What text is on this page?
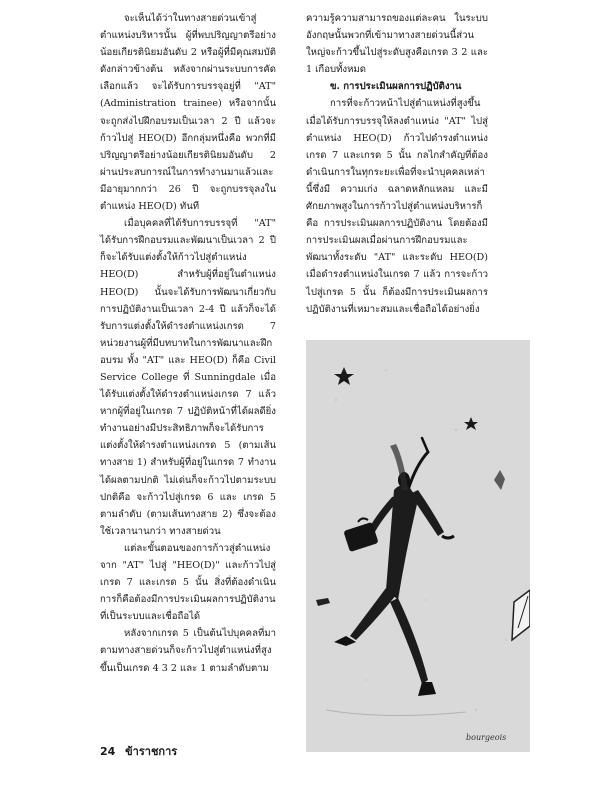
จะเห็นได้ว่าในทางสายด่วนเข้าสู่ตำแหน่งบริหารนั้น ผู้ที่พบปริญญาตรีอย่างน้อยเกียรตินิยมอันดับ 2 หรือผู้ที่มีคุณสมบัติดังกล่าวข้างต้น หลังจากผ่านระบบการคัดเลือกแล้ว จะได้รับการบรรจุอยู่ที่ "AT" (Administration trainee) หรือจากนั้นจะถูกส่งไปฝึกอบรมเป็นเวลา 2 ปี แล้วจะก้าวไปสู่ HEO(D) อีกกลุ่มหนึ่งคือ พวกที่มีปริญญาตรีอย่างน้อยเกียรตินิยมอันดับ 2 ผ่านประสบการณ์ในการทำงานมาแล้วและมีอายุมากกว่า 26 ปี จะถูกบรรจุลงในตำแหน่ง HEO(D) ทันที

เมื่อบุคคลที่ได้รับการบรรจุที่ "AT" ได้รับการฝึกอบรมและพัฒนาเป็นเวลา 2 ปี ก็จะได้รับแต่งตั้งให้ก้าวไปสู่ตำแหน่ง HEO(D) สำหรับผู้ที่อยู่ในตำแหน่ง HEO(D) นั้นจะได้รับการพัฒนาเกี่ยวกับการปฏิบัติงานเป็นเวลา 2-4 ปี แล้วก็จะได้รับการแต่งตั้งให้ดำรงตำแหน่งเกรด 7 หน่วยงานผู้ที่มีบทบาทในการพัฒนาและฝึกอบรม ทั้ง "AT" และ HEO(D) ก็คือ Civil Service College ที่ Sunningdale เมื่อได้รับแต่งตั้งให้ดำรงตำแหน่งเกรด 7 แล้ว หากผู้ที่อยู่ในเกรด 7 ปฏิบัติหน้าที่ได้ผลดียิ่ง ทำงานอย่างมีประสิทธิภาพก็จะได้รับการแต่งตั้งให้ดำรงตำแหน่งเกรด 5 (ตามเส้นทางสาย 1) สำหรับผู้ที่อยู่ในเกรด 7 ทำงานได้ผลตามปกติ ไม่เด่นก็จะก้าวไปตามระบบปกติคือ จะก้าวไปสู่เกรด 6 และ เกรด 5 ตามลำดับ (ตามเส้นทางสาย 2) ซึ่งจะต้องใช้เวลานานกว่า ทางสายด่วน

แต่ละขั้นตอนของการก้าวสู่ตำแหน่งจาก "AT" ไปสู่ "HEO(D)" และก้าวไปสู่เกรด 7 และเกรด 5 นั้น สิ่งที่ต้องดำเนินการก็คือต้องมีการประเมินผลการปฏิบัติงานที่เป็นระบบและเชื่อถือได้

หลังจากเกรด 5 เป็นต้นไปบุคคลที่มาตามทางสายด่วนก็จะก้าวไปสู่ตำแหน่งที่สูงขึ้นเป็นเกรด 4 3 2 และ 1 ตามลำดับตาม

ความรู้ความสามารถของแต่ละคน ในระบบอังกฤษนั้นพวกที่เข้ามาทางสายด่วนนี้ส่วนใหญ่จะก้าวขึ้นไปสู่ระดับสูงคือเกรด 3 2 และ 1 เกือบทั้งหมด

ข. การประเมินผลการปฏิบัติงาน

การที่จะก้าวหน้าไปสู่ตำแหน่งที่สูงขึ้น เมื่อได้รับการบรรจุให้ลงตำแหน่ง "AT" ไปสู่ตำแหน่ง HEO(D) ก้าวไปดำรงตำแหน่งเกรด 7 และเกรด 5 นั้น กลไกสำคัญที่ต้องดำเนินการในทุกระยะเพื่อที่จะนำบุคคลเหล่านี้ซึ่งมี ความเก่ง ฉลาดหลักแหลม และมีศักยภาพสูงในการก้าวไปสู่ตำแหน่งบริหารก็คือ การประเมินผลการปฏิบัติงาน โดยต้องมีการประเมินผลเมื่อผ่านการฝึกอบรมและพัฒนาทั้งระดับ "AT" และระดับ HEO(D) เมื่อดำรงตำแหน่งในเกรด 7 แล้ว การจะก้าวไปสู่เกรด 5 นั้น ก็ต้องมีการประเมินผลการปฏิบัติงานที่เหมาะสมและเชื่อถือได้อย่างยิ่ง

bourgeois
24 ข้าราชการ
